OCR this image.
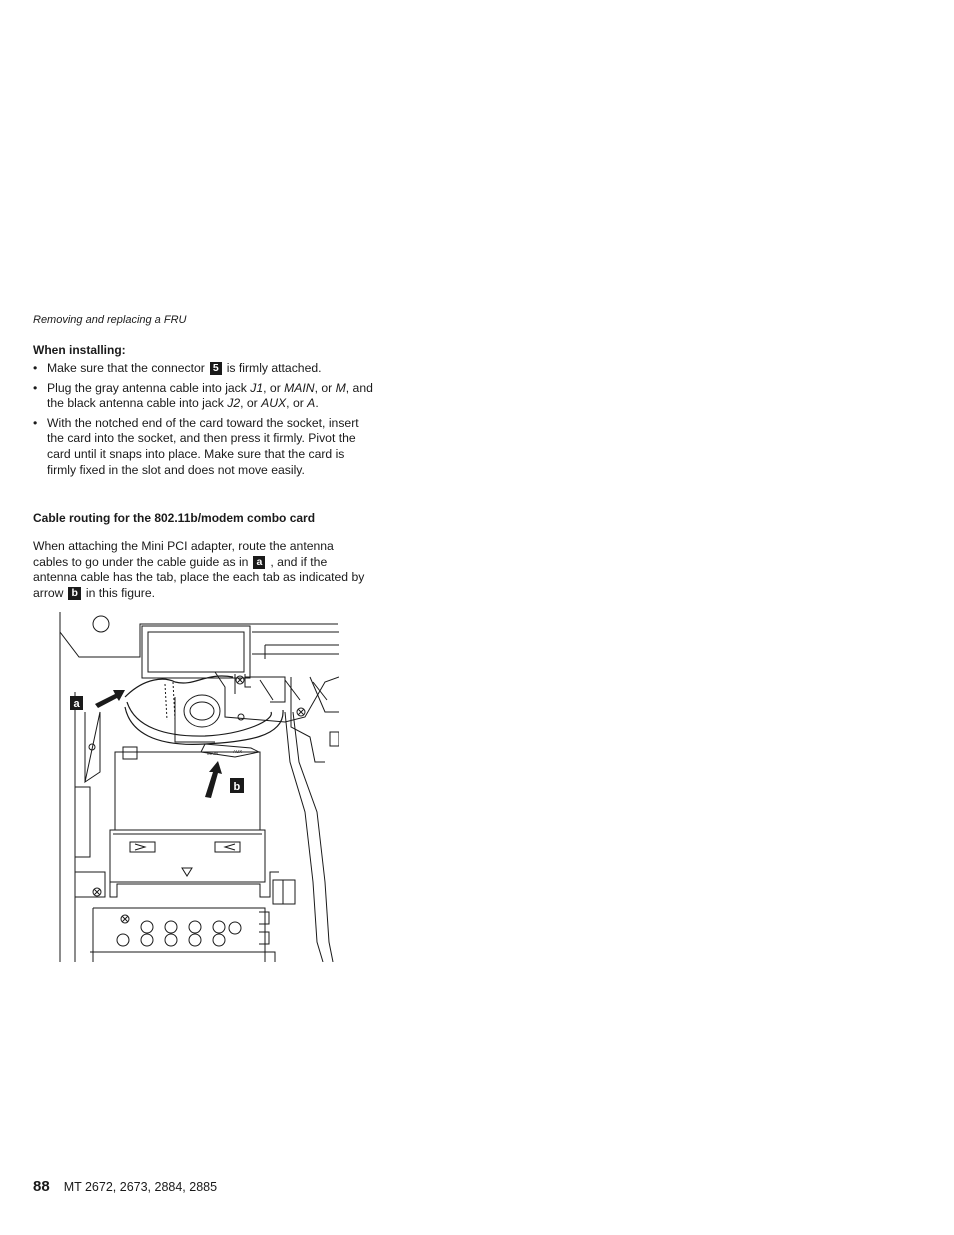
Removing and replacing a FRU
When installing:
• Make sure that the connector 5 is firmly attached.
• Plug the gray antenna cable into jack J1, or MAIN, or M, and the black antenna cable into jack J2, or AUX, or A.
• With the notched end of the card toward the socket, insert the card into the socket, and then press it firmly. Pivot the card until it snaps into place. Make sure that the card is firmly fixed in the slot and does not move easily.
Cable routing for the 802.11b/modem combo card
When attaching the Mini PCI adapter, route the antenna cables to go under the cable guide as in a , and if the antenna cable has the tab, place the each tab as indicated by arrow b in this figure.
MAIN	AUX
a
b
88 MT 2672, 2673, 2884, 2885
